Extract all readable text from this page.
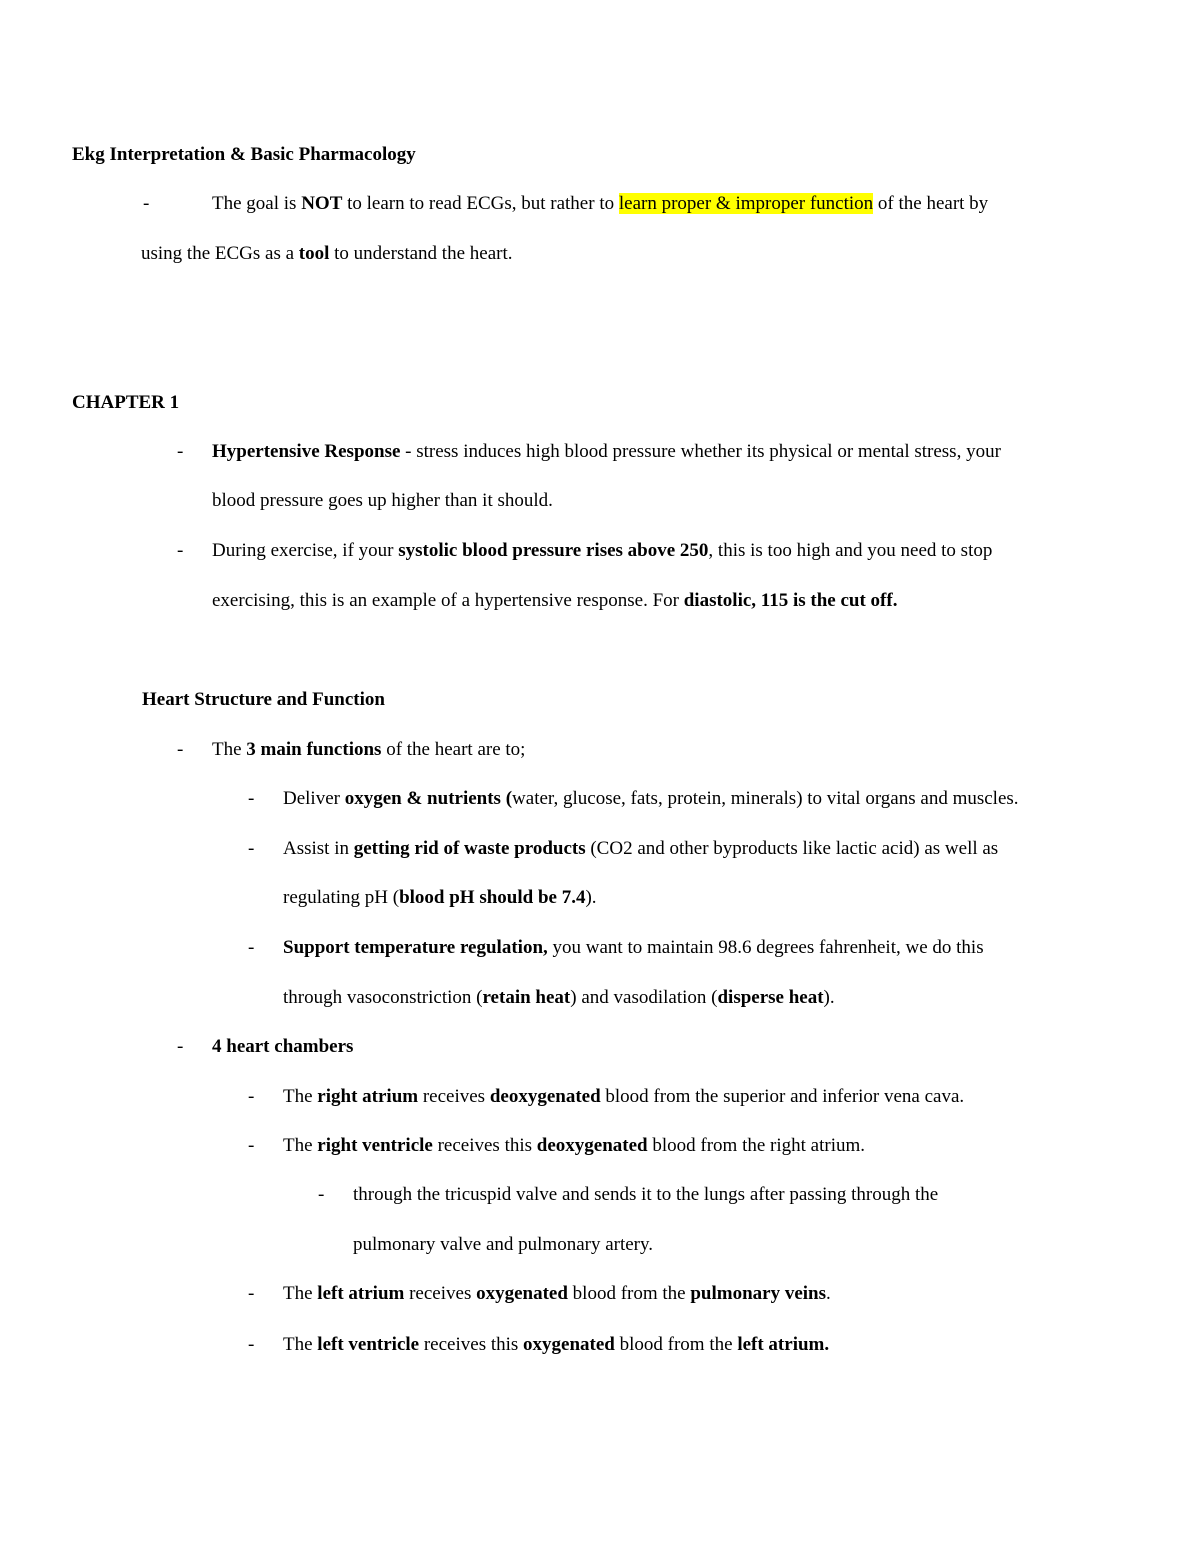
Ekg Interpretation & Basic Pharmacology
-	The goal is NOT to learn to read ECGs, but rather to learn proper & improper function of the heart by
using the ECGs as a tool to understand the heart.
CHAPTER 1
- Hypertensive Response - stress induces high blood pressure whether its physical or mental stress, your
blood pressure goes up higher than it should.
- During exercise, if your systolic blood pressure rises above 250, this is too high and you need to stop
exercising, this is an example of a hypertensive response. For diastolic, 115 is the cut off.
Heart Structure and Function
- The 3 main functions of the heart are to;
- Deliver oxygen & nutrients (water, glucose, fats, protein, minerals) to vital organs and muscles.
- Assist in getting rid of waste products (CO2 and other byproducts like lactic acid) as well as
regulating pH (blood pH should be 7.4).
- Support temperature regulation, you want to maintain 98.6 degrees fahrenheit, we do this
through vasoconstriction (retain heat) and vasodilation (disperse heat).
- 4 heart chambers
- The right atrium receives deoxygenated blood from the superior and inferior vena cava.
- The right ventricle receives this deoxygenated blood from the right atrium.
- through the tricuspid valve and sends it to the lungs after passing through the
pulmonary valve and pulmonary artery.
- The left atrium receives oxygenated blood from the pulmonary veins.
- The left ventricle receives this oxygenated blood from the left atrium.
